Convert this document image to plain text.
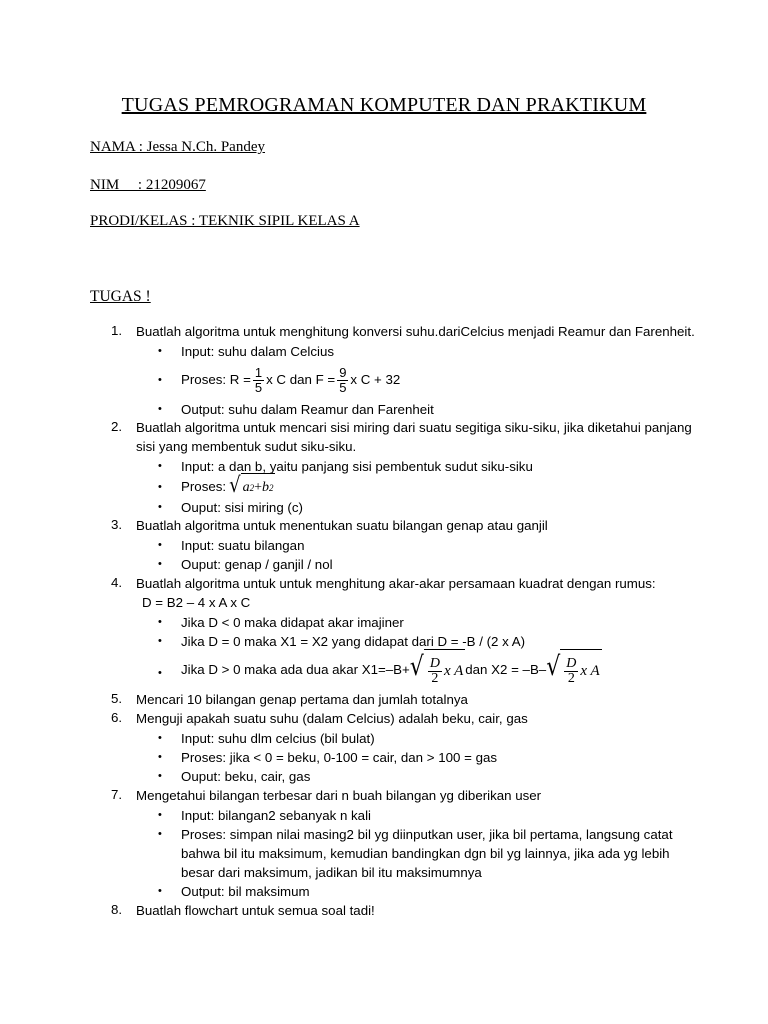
TUGAS PEMROGRAMAN KOMPUTER DAN PRAKTIKUM
NAMA : Jessa N.Ch. Pandey
NIM     : 21209067
PRODI/KELAS : TEKNIK SIPIL KELAS A
TUGAS !
1. Buatlah algoritma untuk menghitung konversi suhu.dariCelcius menjadi Reamur dan Farenheit.
• Input: suhu dalam Celcius
• Proses: $R = \frac{1}{5}$ x C dan $F = \frac{9}{5}$ x C + 32
• Output: suhu dalam Reamur dan Farenheit
2. Buatlah algoritma untuk mencari sisi miring dari suatu segitiga siku-siku, jika diketahui panjang
sisi yang membentuk sudut siku-siku.
• Input: a dan b, yaitu panjang sisi pembentuk sudut siku-siku
• Proses: √ a 2 + b 2
• Ouput: sisi miring (c)
3. Buatlah algoritma untuk menentukan suatu bilangan genap atau ganjil
• Input: suatu bilangan
• Ouput: genap / ganjil / nol
4. Buatlah algoritma untuk untuk menghitung akar-akar persamaan kuadrat dengan rumus:
D = B2 – 4 x A x C
• Jika D < 0 maka didapat akar imajiner
• Jika D = 0 maka X1 = X2 yang didapat dari D = -B / (2 x A)
• Jika D > 0 maka ada dua akar X1=–B+ √ $\frac{D}{2}$ x A dan X2 = –B– √ $\frac{D}{2}$ x A
5. Mencari 10 bilangan genap pertama dan jumlah totalnya
6. Menguji apakah suatu suhu (dalam Celcius) adalah beku, cair, gas
• Input: suhu dlm celcius (bil bulat)
• Proses: jika < 0 = beku, 0-100 = cair, dan > 100 = gas
• Ouput: beku, cair, gas
7. Mengetahui bilangan terbesar dari n buah bilangan yg diberikan user
• Input: bilangan2 sebanyak n kali
• Proses: simpan nilai masing2 bil yg diinputkan user, jika bil pertama, langsung catat
bahwa bil itu maksimum, kemudian bandingkan dgn bil yg lainnya, jika ada yg lebih
besar dari maksimum, jadikan bil itu maksimumnya
• Output: bil maksimum
8. Buatlah flowchart untuk semua soal tadi!
